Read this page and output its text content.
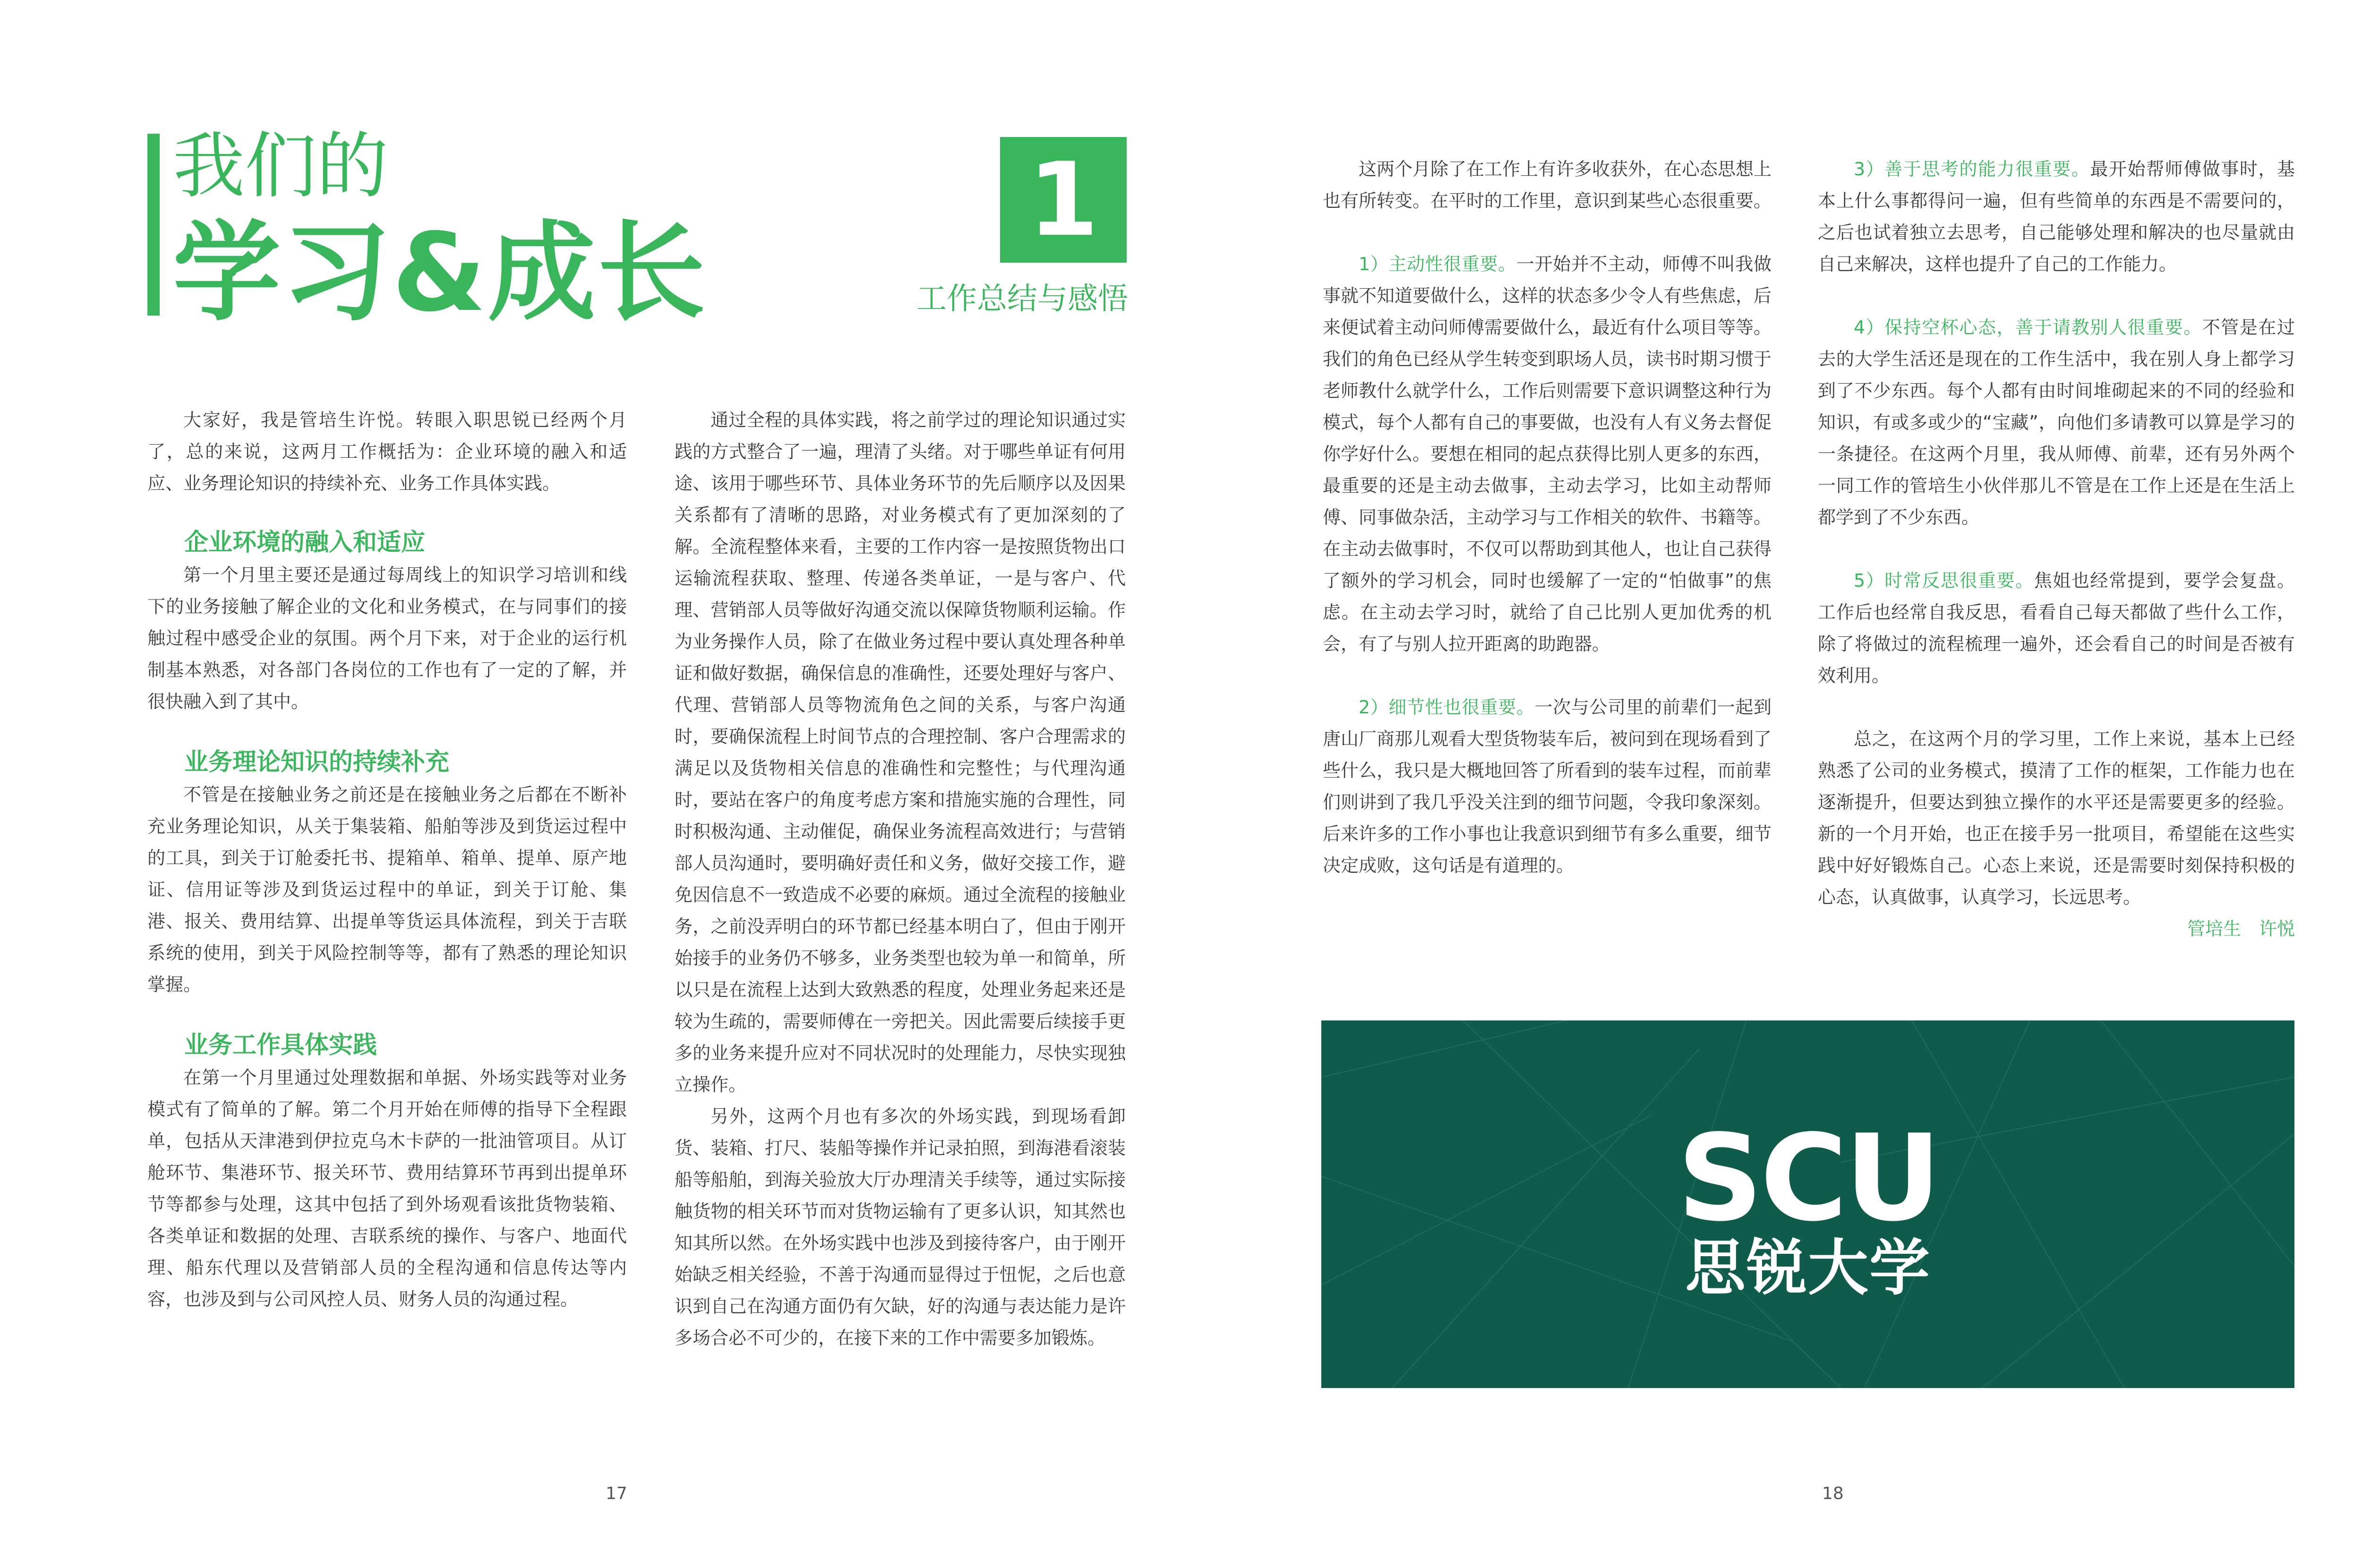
我们的
学习&成长
1
工作总结与感悟

大家好，我是管培生许悦。转眼入职思锐已经两个月了，总的来说，这两月工作概括为：企业环境的融入和适应、业务理论知识的持续补充、业务工作具体实践。

企业环境的融入和适应

第一个月里主要还是通过每周线上的知识学习培训和线下的业务接触了解企业的文化和业务模式，在与同事们的接触过程中感受企业的氛围。两个月下来，对于企业的运行机制基本熟悉，对各部门各岗位的工作也有了一定的了解，并很快融入到了其中。

业务理论知识的持续补充

不管是在接触业务之前还是在接触业务之后都在不断补充业务理论知识，从关于集装箱、船舶等涉及到货运过程中的工具，到关于订舱委托书、提箱单、箱单、提单、原产地证、信用证等涉及到货运过程中的单证，到关于订舱、集港、报关、费用结算、出提单等货运具体流程，到关于吉联系统的使用，到关于风险控制等等，都有了熟悉的理论知识掌握。

业务工作具体实践

在第一个月里通过处理数据和单据、外场实践等对业务模式有了简单的了解。第二个月开始在师傅的指导下全程跟单，包括从天津港到伊拉克乌木卡萨的一批油管项目。从订舱环节、集港环节、报关环节、费用结算环节再到出提单环节等都参与处理，这其中包括了到外场观看该批货物装箱、各类单证和数据的处理、吉联系统的操作、与客户、地面代理、船东代理以及营销部人员的全程沟通和信息传达等内容，也涉及到与公司风控人员、财务人员的沟通过程。

通过全程的具体实践，将之前学过的理论知识通过实践的方式整合了一遍，理清了头绪。对于哪些单证有何用途、该用于哪些环节、具体业务环节的先后顺序以及因果关系都有了清晰的思路，对业务模式有了更加深刻的了解。全流程整体来看，主要的工作内容一是按照货物出口运输流程获取、整理、传递各类单证，一是与客户、代理、营销部人员等做好沟通交流以保障货物顺利运输。作为业务操作人员，除了在做业务过程中要认真处理各种单证和做好数据，确保信息的准确性，还要处理好与客户、代理、营销部人员等物流角色之间的关系，与客户沟通时，要确保流程上时间节点的合理控制、客户合理需求的满足以及货物相关信息的准确性和完整性；与代理沟通时，要站在客户的角度考虑方案和措施实施的合理性，同时积极沟通、主动催促，确保业务流程高效进行；与营销部人员沟通时，要明确好责任和义务，做好交接工作，避免因信息不一致造成不必要的麻烦。通过全流程的接触业务，之前没弄明白的环节都已经基本明白了，但由于刚开始接手的业务仍不够多，业务类型也较为单一和简单，所以只是在流程上达到大致熟悉的程度，处理业务起来还是较为生疏的，需要师傅在一旁把关。因此需要后续接手更多的业务来提升应对不同状况时的处理能力，尽快实现独立操作。

另外，这两个月也有多次的外场实践，到现场看卸货、装箱、打尺、装船等操作并记录拍照，到海港看滚装船等船舶，到海关验放大厅办理清关手续等，通过实际接触货物的相关环节而对货物运输有了更多认识，知其然也知其所以然。在外场实践中也涉及到接待客户，由于刚开始缺乏相关经验，不善于沟通而显得过于忸怩，之后也意识到自己在沟通方面仍有欠缺，好的沟通与表达能力是许多场合必不可少的，在接下来的工作中需要多加锻炼。

这两个月除了在工作上有许多收获外，在心态思想上也有所转变。在平时的工作里，意识到某些心态很重要。

1）主动性很重要。一开始并不主动，师傅不叫我做事就不知道要做什么，这样的状态多少令人有些焦虑，后来便试着主动问师傅需要做什么，最近有什么项目等等。我们的角色已经从学生转变到职场人员，读书时期习惯于老师教什么就学什么，工作后则需要下意识调整这种行为模式，每个人都有自己的事要做，也没有人有义务去督促你学好什么。要想在相同的起点获得比别人更多的东西，最重要的还是主动去做事，主动去学习，比如主动帮师傅、同事做杂活，主动学习与工作相关的软件、书籍等。在主动去做事时，不仅可以帮助到其他人，也让自己获得了额外的学习机会，同时也缓解了一定的“怕做事”的焦虑。在主动去学习时，就给了自己比别人更加优秀的机会，有了与别人拉开距离的助跑器。

2）细节性也很重要。一次与公司里的前辈们一起到唐山厂商那儿观看大型货物装车后，被问到在现场看到了些什么，我只是大概地回答了所看到的装车过程，而前辈们则讲到了我几乎没关注到的细节问题，令我印象深刻。后来许多的工作小事也让我意识到细节有多么重要，细节决定成败，这句话是有道理的。

3）善于思考的能力很重要。最开始帮师傅做事时，基本上什么事都得问一遍，但有些简单的东西是不需要问的，之后也试着独立去思考，自己能够处理和解决的也尽量就由自己来解决，这样也提升了自己的工作能力。

4）保持空杯心态，善于请教别人很重要。不管是在过去的大学生活还是现在的工作生活中，我在别人身上都学习到了不少东西。每个人都有由时间堆砌起来的不同的经验和知识，有或多或少的“宝藏”，向他们多请教可以算是学习的一条捷径。在这两个月里，我从师傅、前辈，还有另外两个一同工作的管培生小伙伴那儿不管是在工作上还是在生活上都学到了不少东西。

5）时常反思很重要。焦姐也经常提到，要学会复盘。工作后也经常自我反思，看看自己每天都做了些什么工作，除了将做过的流程梳理一遍外，还会看自己的时间是否被有效利用。

总之，在这两个月的学习里，工作上来说，基本上已经熟悉了公司的业务模式，摸清了工作的框架，工作能力也在逐渐提升，但要达到独立操作的水平还是需要更多的经验。新的一个月开始，也正在接手另一批项目，希望能在这些实践中好好锻炼自己。心态上来说，还是需要时刻保持积极的心态，认真做事，认真学习，长远思考。

管培生　许悦
SCU
思锐大学
17	18
